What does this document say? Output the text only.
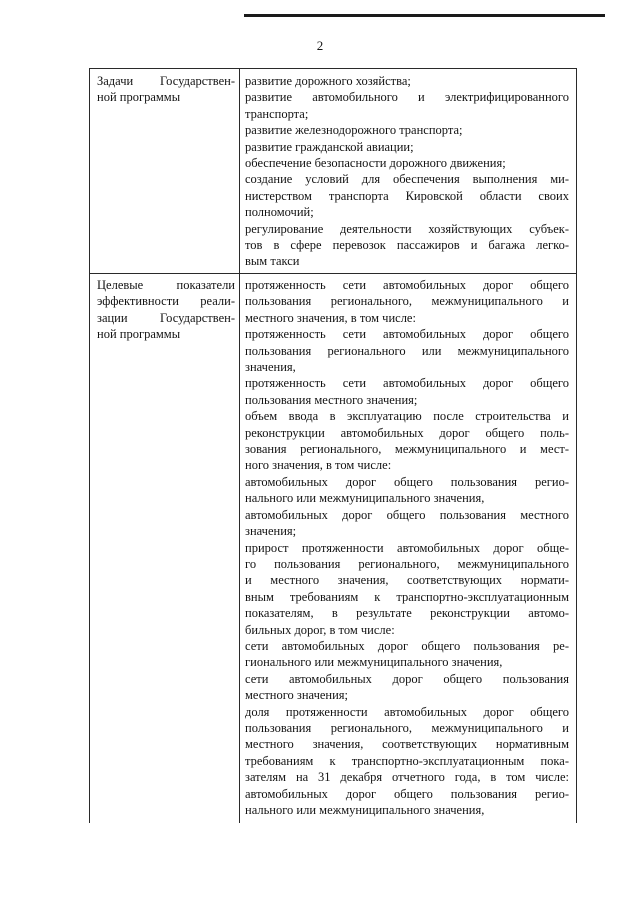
2
Задачи Государствен-
ной программы
развитие дорожного хозяйства;
развитие автомобильного и электрифицированного
транспорта;
развитие железнодорожного транспорта;
развитие гражданской авиации;
обеспечение безопасности дорожного движения;
создание условий для обеспечения выполнения ми-
нистерством транспорта Кировской области своих
полномочий;
регулирование деятельности хозяйствующих субъек-
тов в сфере перевозок пассажиров и багажа легко-
вым такси
Целевые показатели
эффективности реали-
зации Государствен-
ной программы
протяженность сети автомобильных дорог общего
пользования регионального, межмуниципального и
местного значения, в том числе:
протяженность сети автомобильных дорог общего
пользования регионального или межмуниципального
значения,
протяженность сети автомобильных дорог общего
пользования местного значения;
объем ввода в эксплуатацию после строительства и
реконструкции автомобильных дорог общего поль-
зования регионального, межмуниципального и мест-
ного значения, в том числе:
автомобильных дорог общего пользования регио-
нального или межмуниципального значения,
автомобильных дорог общего пользования местного
значения;
прирост протяженности автомобильных дорог обще-
го пользования регионального, межмуниципального
и местного значения, соответствующих нормати-
вным требованиям к транспортно-эксплуатационным
показателям, в результате реконструкции автомо-
бильных дорог, в том числе:
сети автомобильных дорог общего пользования ре-
гионального или межмуниципального значения,
сети автомобильных дорог общего пользования
местного значения;
доля протяженности автомобильных дорог общего
пользования регионального, межмуниципального и
местного значения, соответствующих нормативным
требованиям к транспортно-эксплуатационным пока-
зателям на 31 декабря отчетного года, в том числе:
автомобильных дорог общего пользования регио-
нального или межмуниципального значения,
